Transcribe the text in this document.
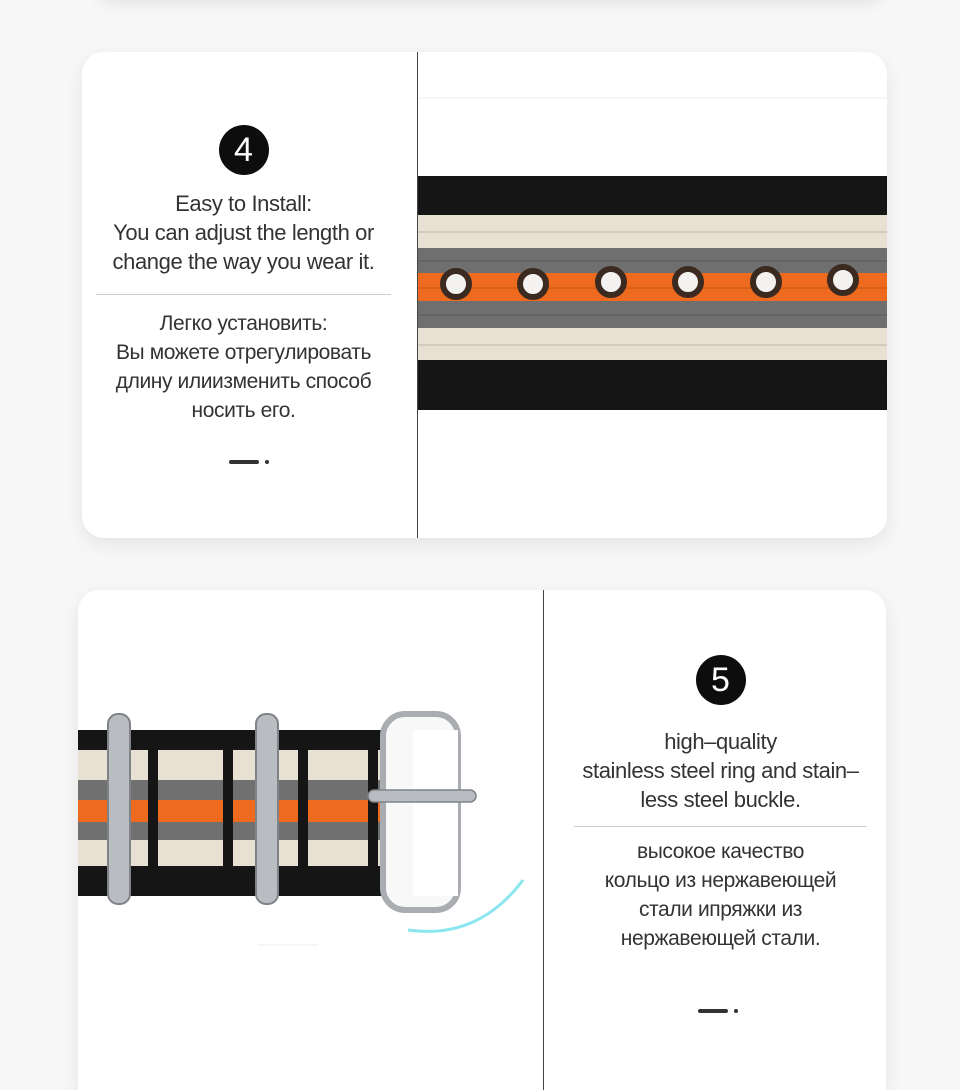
4
Easy to Install:
You can adjust the length or
change the way you wear it.
Легко установить:
Вы можете отрегулировать
длину илиизменить способ
носить его.
5
high–quality
stainless steel ring and stain–
less steel buckle.
высокое качество
кольцо из нержавеющей
стали ипряжки из
нержавеющей стали.
